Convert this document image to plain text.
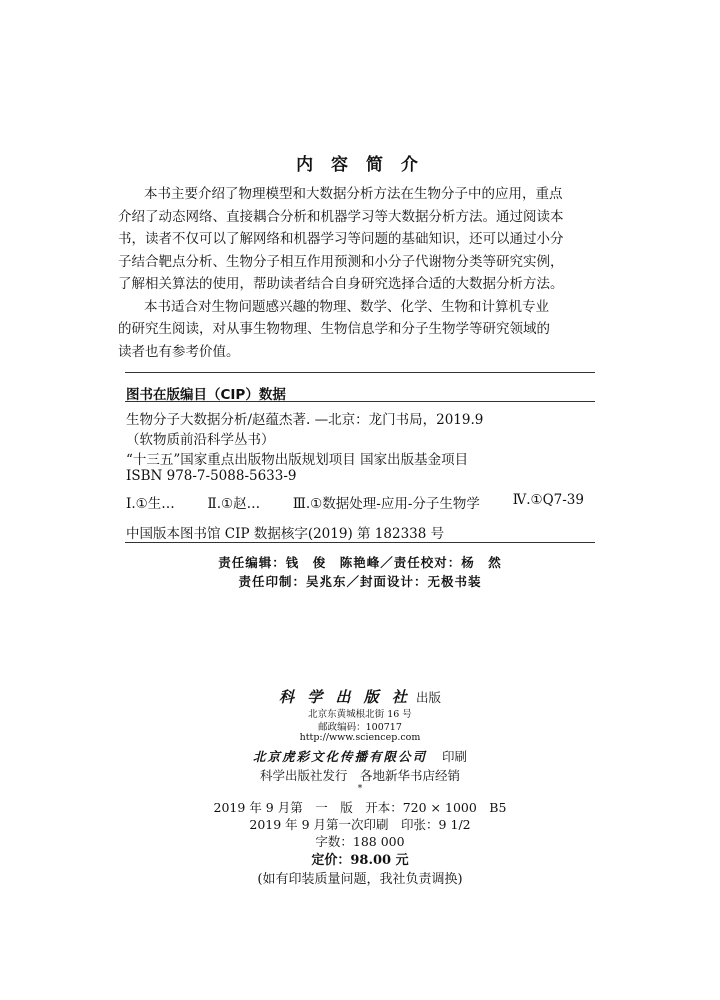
内 容 简 介
本书主要介绍了物理模型和大数据分析方法在生物分子中的应用，重点
介绍了动态网络、直接耦合分析和机器学习等大数据分析方法。通过阅读本
书，读者不仅可以了解网络和机器学习等问题的基础知识，还可以通过小分
子结合靶点分析、生物分子相互作用预测和小分子代谢物分类等研究实例，
了解相关算法的使用，帮助读者结合自身研究选择合适的大数据分析方法。
本书适合对生物问题感兴趣的物理、数学、化学、生物和计算机专业
的研究生阅读，对从事生物物理、生物信息学和分子生物学等研究领域的
读者也有参考价值。
图书在版编目（CIP）数据
生物分子大数据分析/赵蕴杰著. —北京：龙门书局，2019.9
（软物质前沿科学丛书）
“十三五”国家重点出版物出版规划项目 国家出版基金项目
ISBN 978-7-5088-5633-9
Ⅰ.①生… Ⅱ.①赵… Ⅲ.①数据处理-应用-分子生物学 Ⅳ.①Q7-39
中国版本图书馆 CIP 数据核字(2019) 第 182338 号
责任编辑：钱　俊　陈艳峰／责任校对：杨　然
责任印制：吴兆东／封面设计：无极书装
科 学 出 版 社 出版
北京东黄城根北街 16 号
邮政编码：100717
http://www.sciencep.com
北京虎彩文化传播有限公司 印刷
科学出版社发行　各地新华书店经销
*
2019 年 9 月第　一　版　开本：720 × 1000　B5
2019 年 9 月第一次印刷　印张：9 1/2
字数：188 000
定价：98.00 元
(如有印装质量问题，我社负责调换)
